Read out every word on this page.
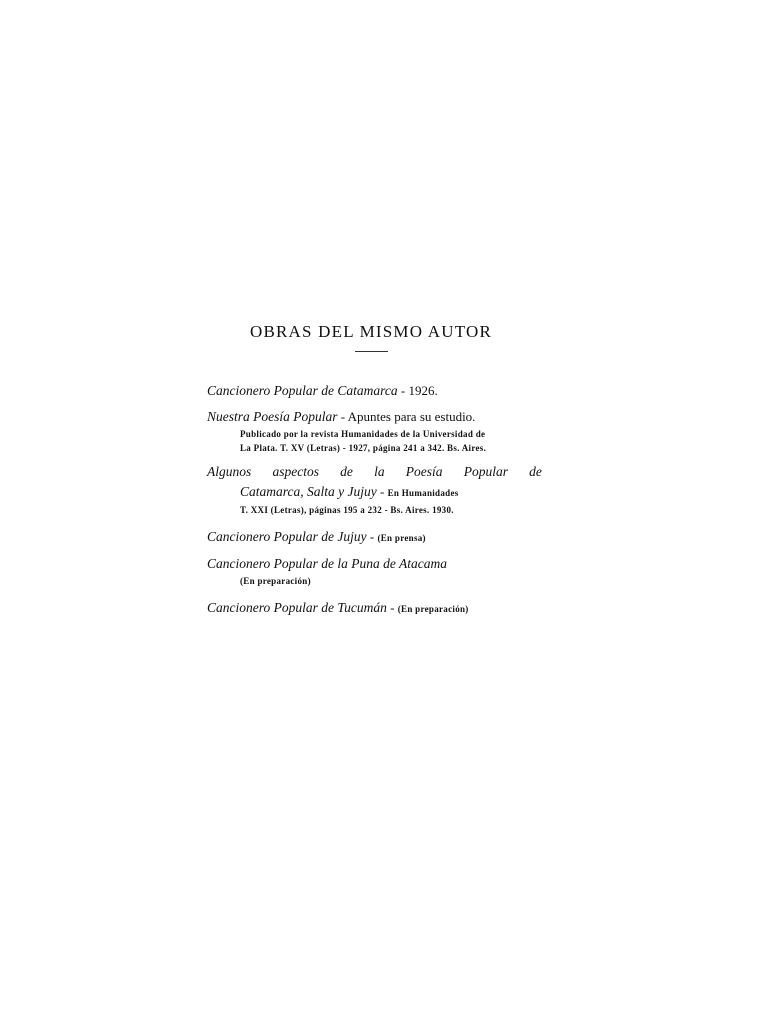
OBRAS DEL MISMO AUTOR
Cancionero Popular de Catamarca - 1926.
Nuestra Poesía Popular - Apuntes para su estudio.
Publicado por la revista Humanidades de la Universidad de
La Plata. T. XV (Letras) - 1927, página 241 a 342. Bs. Aires.
Algunos aspectos de la Poesía Popular de
Catamarca, Salta y Jujuy - En Humanidades
T. XXI (Letras), páginas 195 a 232 - Bs. Aires. 1930.
Cancionero Popular de Jujuy - (En prensa)
Cancionero Popular de la Puna de Atacama
(En preparación)
Cancionero Popular de Tucumán - (En preparación)
